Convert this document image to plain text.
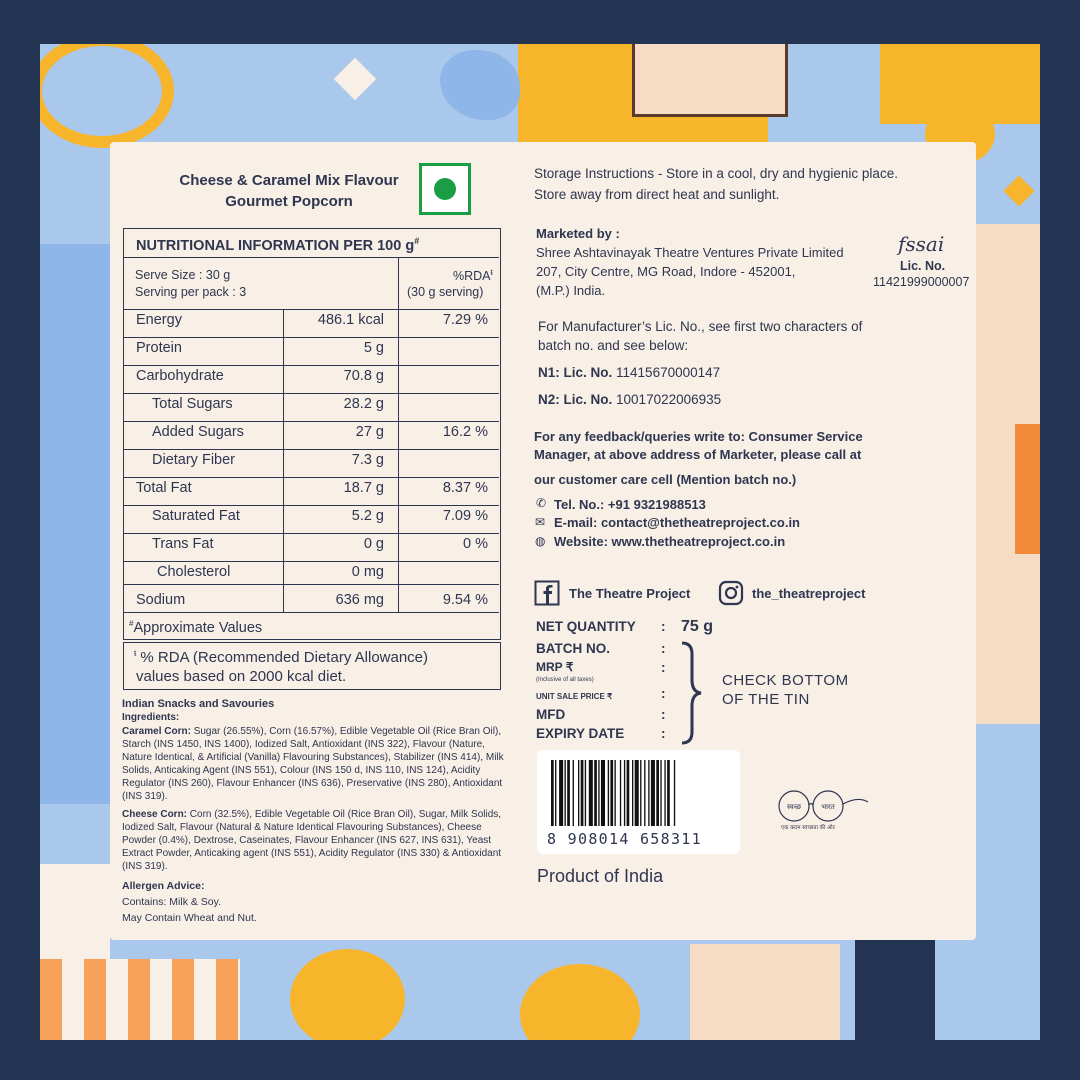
Cheese & Caramel Mix Flavour
Gourmet Popcorn
NUTRITIONAL INFORMATION PER 100 g#
Serve Size : 30 g
Serving per pack : 3
$\%RDA^ŧ$
(30 g serving)
Energy	486.1 kcal	7.29 %
Protein	5 g
Carbohydrate	70.8 g
Total Sugars	28.2 g
Added Sugars	27 g	16.2 %
Dietary Fiber	7.3 g
Total Fat	18.7 g	8.37 %
Saturated Fat	5.2 g	7.09 %
Trans Fat	0 g	0 %
Cholesterol	0 mg
Sodium	636 mg	9.54 %
#Approximate Values
$^ŧ$ % RDA (Recommended Dietary Allowance)
values based on 2000 kcal diet.
Indian Snacks and Savouries
Ingredients:
Caramel Corn: Sugar (26.55%), Corn (16.57%), Edible Vegetable Oil (Rice Bran Oil), Starch (INS 1450, INS 1400), Iodized Salt, Antioxidant (INS 322), Flavour (Nature, Nature Identical, & Artificial (Vanilla) Flavouring Substances), Stabilizer (INS 414), Milk Solids, Anticaking Agent (INS 551), Colour (INS 150 d, INS 110, INS 124), Acidity Regulator (INS 260), Flavour Enhancer (INS 636), Preservative (INS 280), Antioxidant (INS 319).
Cheese Corn: Corn (32.5%), Edible Vegetable Oil (Rice Bran Oil), Sugar, Milk Solids, Iodized Salt, Flavour (Natural & Nature Identical Flavouring Substances), Cheese Powder (0.4%), Dextrose, Caseinates, Flavour Enhancer (INS 627, INS 631), Yeast Extract Powder, Anticaking agent (INS 551), Acidity Regulator (INS 330) & Antioxidant (INS 319).
Allergen Advice:
Contains: Milk & Soy.
May Contain Wheat and Nut.
Storage Instructions - Store in a cool, dry and hygienic place.
Store away from direct heat and sunlight.
Marketed by :
Shree Ashtavinayak Theatre Ventures Private Limited
207, City Centre, MG Road, Indore - 452001,
(M.P.) India.
fssai
Lic. No.
11421999000007
For Manufacturer’s Lic. No., see first two characters of
batch no. and see below:
N1: Lic. No. 11415670000147
N2: Lic. No. 10017022006935
For any feedback/queries write to: Consumer Service
Manager, at above address of Marketer, please call at
our customer care cell (Mention batch no.)
✆ Tel. No.: +91 9321988513
✉ E-mail: contact@thetheatreproject.co.in
◍ Website: www.thetheatreproject.co.in
The Theatre Project	the_theatreproject
NET QUANTITY : 75 g
BATCH NO.	:
MRP ₹
(Inclusive of all taxes)
:
UNIT SALE PRICE ₹	:
MFD	:
EXPIRY DATE	:
CHECK BOTTOM
OF THE TIN
8 908014 658311
स्वच्छ	भारत
एक कदम स्वच्छता की ओर
Product of India
